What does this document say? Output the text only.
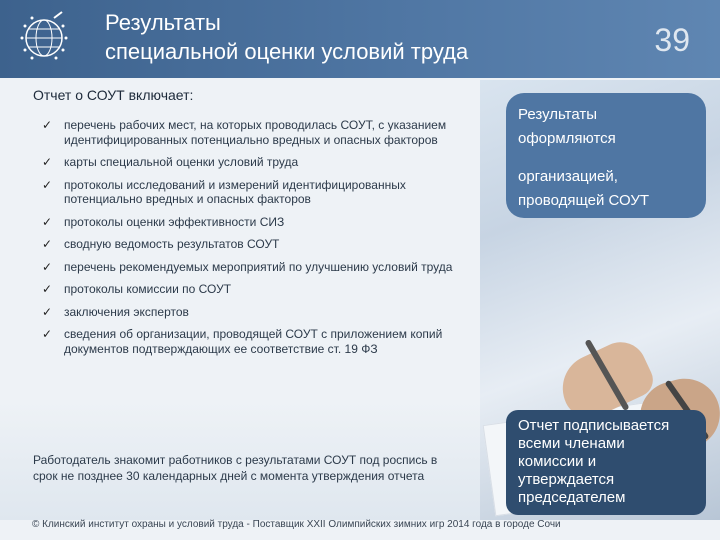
Результаты
специальной оценки условий труда	39
Отчет о СОУТ включает:
✓ перечень рабочих мест, на которых проводилась СОУТ, с указанием идентифицированных потенциально вредных и опасных факторов
✓ карты специальной оценки условий труда
✓ протоколы исследований и измерений идентифицированных потенциально вредных и опасных факторов
✓ протоколы оценки эффективности СИЗ
✓ сводную ведомость результатов СОУТ
✓ перечень рекомендуемых мероприятий по улучшению условий труда
✓ протоколы комиссии по СОУТ
✓ заключения экспертов
✓ сведения об организации, проводящей СОУТ с приложением копий документов подтверждающих ее соответствие ст. 19 ФЗ
Работодатель знакомит работников с результатами СОУТ под роспись в срок не позднее 30 календарных дней с момента утверждения отчета
Результаты
оформляются
организацией,
проводящей СОУТ
Отчет подписывается всеми членами комиссии и утверждается председателем
© Клинский институт охраны и условий труда - Поставщик XXII Олимпийских зимних игр 2014 года в городе Сочи
